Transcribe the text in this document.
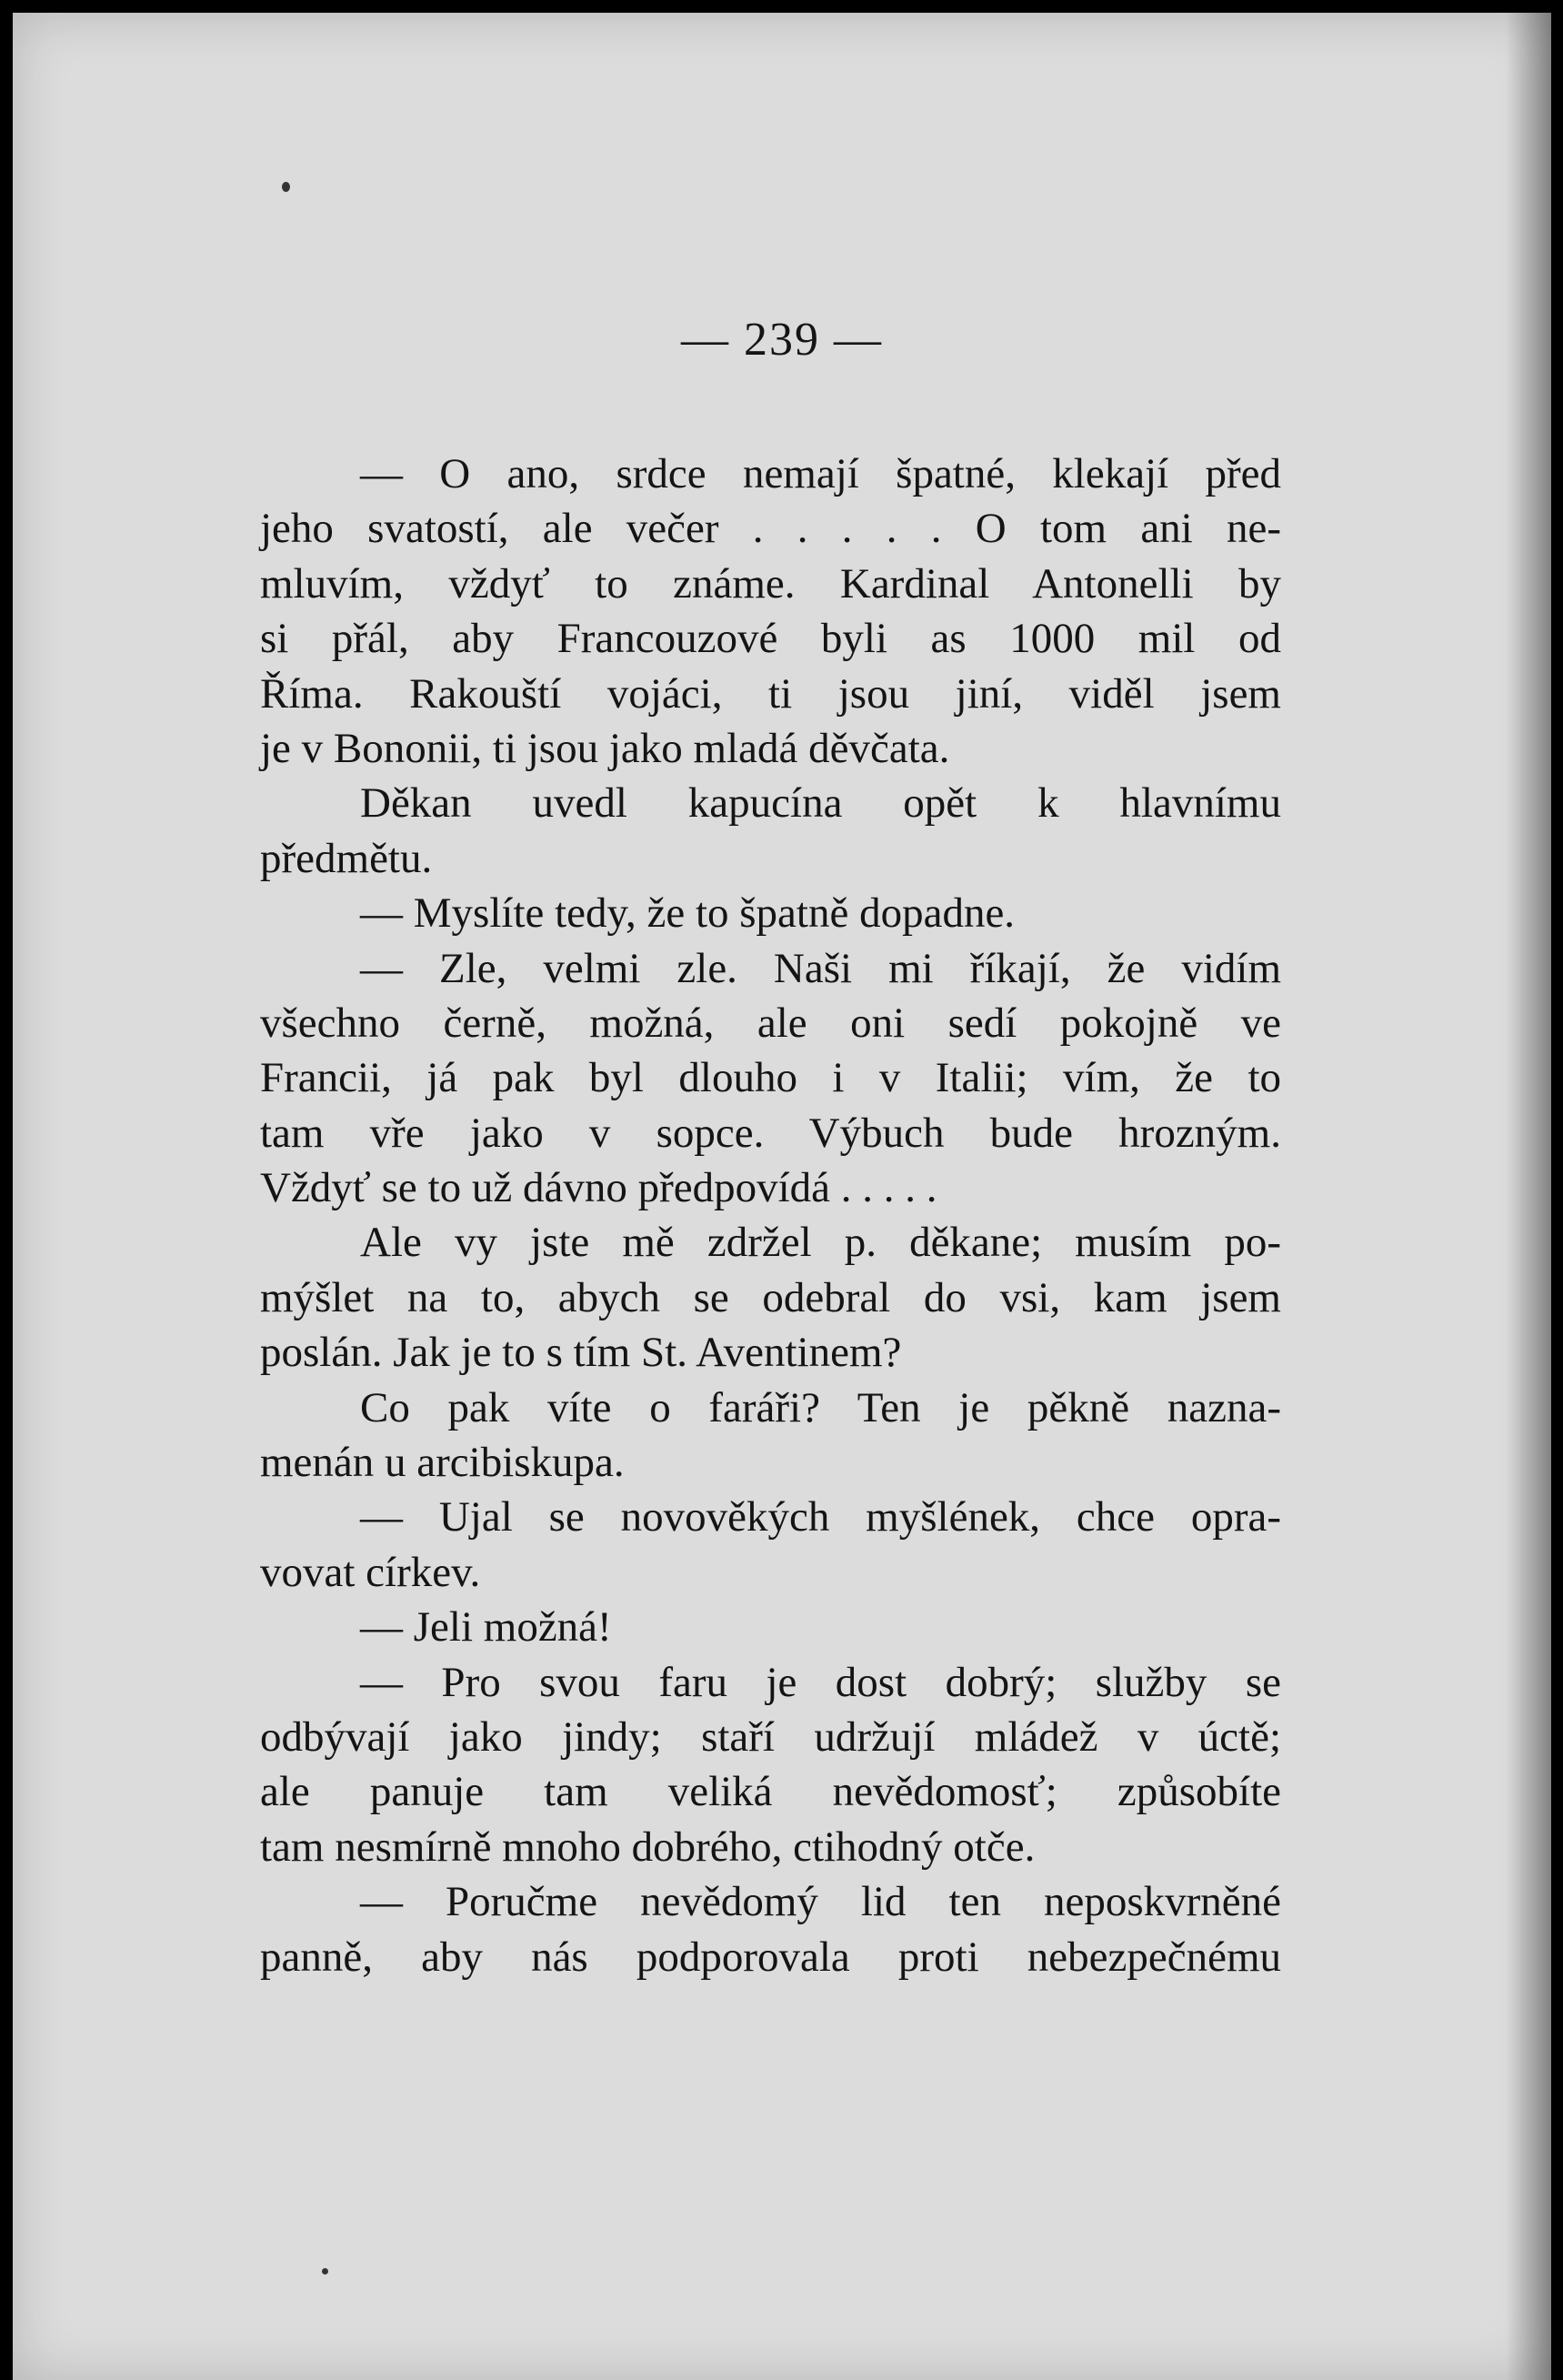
— 239 —
— O ano, srdce nemají špatné, klekají před
jeho svatostí, ale večer . . . . . O tom ani ne-
mluvím, vždyť to známe. Kardinal Antonelli by
si přál, aby Francouzové byli as 1000 mil od
Říma. Rakouští vojáci, ti jsou jiní, viděl jsem
je v Bononii, ti jsou jako mladá děvčata.
Děkan uvedl kapucína opět k hlavnímu
předmětu.
— Myslíte tedy, že to špatně dopadne.
— Zle, velmi zle. Naši mi říkají, že vidím
všechno černě, možná, ale oni sedí pokojně ve
Francii, já pak byl dlouho i v Italii; vím, že to
tam vře jako v sopce. Výbuch bude hrozným.
Vždyť se to už dávno předpovídá . . . . .
Ale vy jste mě zdržel p. děkane; musím po-
mýšlet na to, abych se odebral do vsi, kam jsem
poslán. Jak je to s tím St. Aventinem?
Co pak víte o faráři? Ten je pěkně nazna-
menán u arcibiskupa.
— Ujal se novověkých myšlének, chce opra-
vovat církev.
— Jeli možná!
— Pro svou faru je dost dobrý; služby se
odbývají jako jindy; staří udržují mládež v úctě;
ale panuje tam veliká nevědomosť; způsobíte
tam nesmírně mnoho dobrého, ctihodný otče.
— Poručme nevědomý lid ten neposkvrněné
panně, aby nás podporovala proti nebezpečnému
